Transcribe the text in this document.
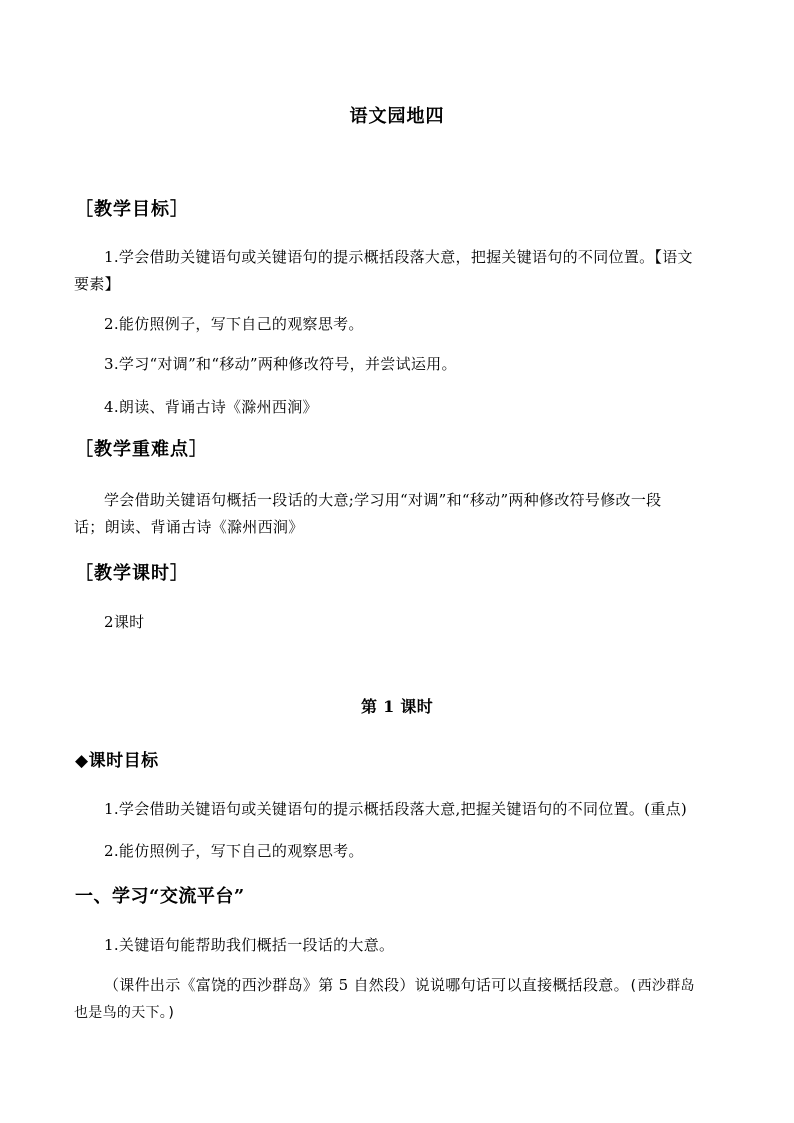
语文园地四
［教学目标］
1.学会借助关键语句或关键语句的提示概括段落大意，把握关键语句的不同位置。【语文
要素】
2.能仿照例子，写下自己的观察思考。
3.学习“对调”和“移动”两种修改符号，并尝试运用。
4.朗读、背诵古诗《滁州西涧》
［教学重难点］
学会借助关键语句概括一段话的大意;学习用“对调”和“移动”两种修改符号修改一段
话；朗读、背诵古诗《滁州西涧》
［教学课时］
2课时
第 1 课时
◆课时目标
1.学会借助关键语句或关键语句的提示概括段落大意,把握关键语句的不同位置。(重点)
2.能仿照例子，写下自己的观察思考。
一、学习“交流平台”
1.关键语句能帮助我们概括一段话的大意。
（课件出示《富饶的西沙群岛》第 5 自然段）说说哪句话可以直接概括段意。(西沙群岛
也是鸟的天下。)
